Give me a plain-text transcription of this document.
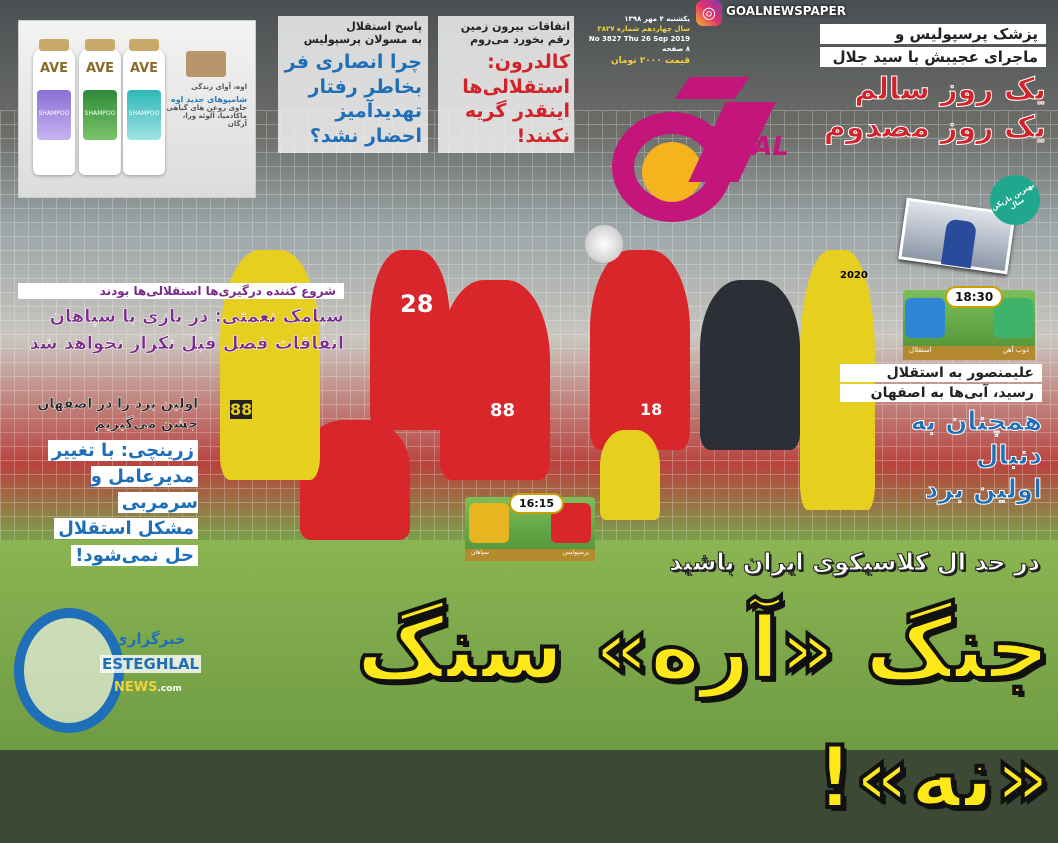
28
88	18
88
2020
AVE
SHAMPOO
AVE
SHAMPOO
AVE
SHAMPOO
اوه، آوای زندگی
شامپوهای جدید اوه
حاوی روغن های گیاهی
ماکادمیا، آلوئه ورا، آرگان
پاسخ استقلال
به مسولان پرسپولیس
چرا انصاری فر
بخاطر رفتار
تهدیدآمیز
احضار نشد؟
اتفاقات بیرون زمین
رقم بخورد می‌روم
کالدرون:
استقلالی‌ها
اینقدر گریه
نکنند!
یکشنبه ۴ مهر ۱۳۹۸
سال چهاردهم شماره ۳۸۲۷
No 3827 Thu 26 Sep 2019
۸ صفحه
قیمت ۲۰۰۰ تومان
◎ GOALNEWSPAPER
OAL
پزشک پرسپولیس و
ماجرای عجیبش با سید جلال
یک روز سالم
یک روز مصدوم
بهترین بازیکن سال
18:30
ذوب آهن
استقلال
علیمنصور به استقلال
رسید، آبی‌ها به اصفهان
همچنان به دنبال
اولین برد
شروع کننده درگیری‌ها استقلالی‌ها بودند
سیامک نعمتی: در بازی با سپاهان
اتفاقات فصل قبل تکرار نخواهد شد
اولین برد را در اصفهان
جشن می‌گیریم
زرینچی: با تغییر
مدیرعامل و سرمربی
مشکل استقلال
حل نمی‌شود!
16:15
پرسپولیس
سپاهان	در حد ال کلاسیکوی ایران باشید
جنگ «آره» سنگ «نه»!
خبرگزاری
ESTEGHLAL
NEWS.com
